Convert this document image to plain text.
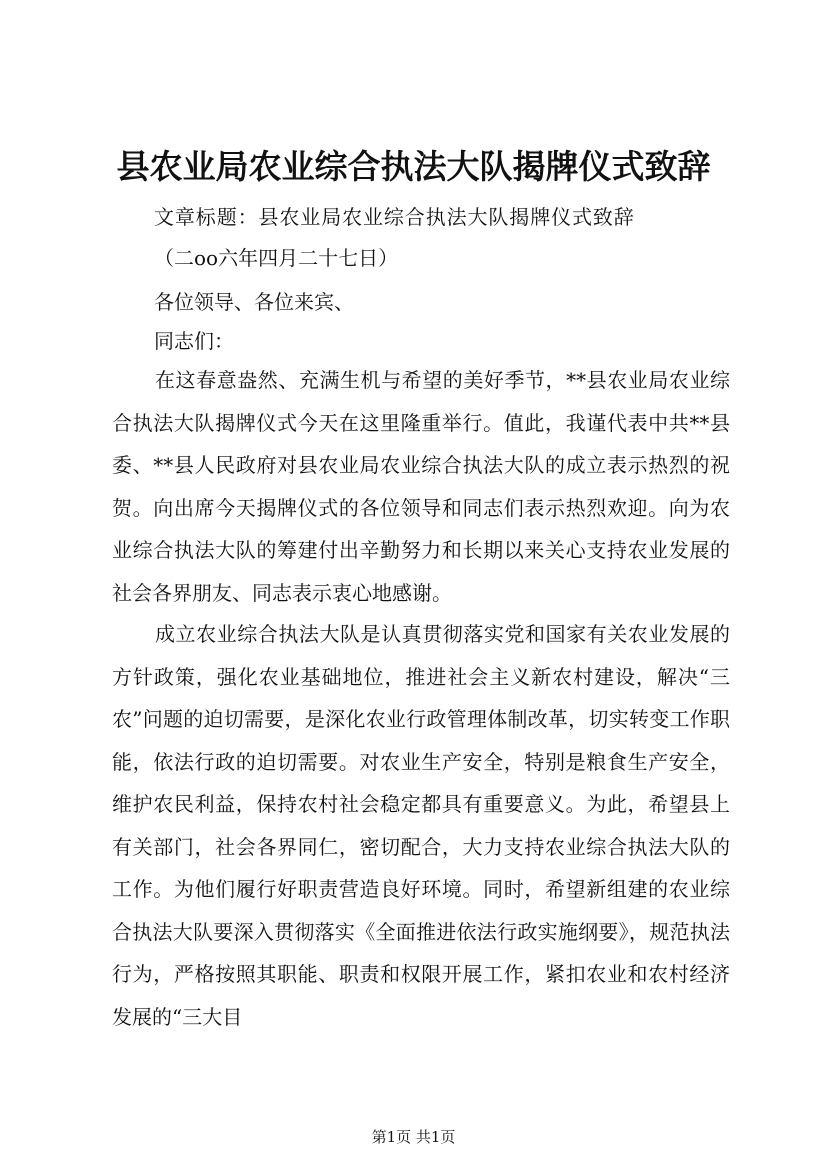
县农业局农业综合执法大队揭牌仪式致辞

文章标题：县农业局农业综合执法大队揭牌仪式致辞

（二oo六年四月二十七日）

各位领导、各位来宾、

同志们：

在这春意盎然、充满生机与希望的美好季节，**县农业局农业综合执法大队揭牌仪式今天在这里隆重举行。值此，我谨代表中共**县委、**县人民政府对县农业局农业综合执法大队的成立表示热烈的祝贺。向出席今天揭牌仪式的各位领导和同志们表示热烈欢迎。向为农业综合执法大队的筹建付出辛勤努力和长期以来关心支持农业发展的社会各界朋友、同志表示衷心地感谢。

成立农业综合执法大队是认真贯彻落实党和国家有关农业发展的方针政策，强化农业基础地位，推进社会主义新农村建设，解决“三农”问题的迫切需要，是深化农业行政管理体制改革，切实转变工作职能，依法行政的迫切需要。对农业生产安全，特别是粮食生产安全，维护农民利益，保持农村社会稳定都具有重要意义。为此，希望县上有关部门，社会各界同仁，密切配合，大力支持农业综合执法大队的工作。为他们履行好职责营造良好环境。同时，希望新组建的农业综合执法大队要深入贯彻落实《全面推进依法行政实施纲要》，规范执法行为，严格按照其职能、职责和权限开展工作，紧扣农业和农村经济发展的“三大目

第1页 共1页
